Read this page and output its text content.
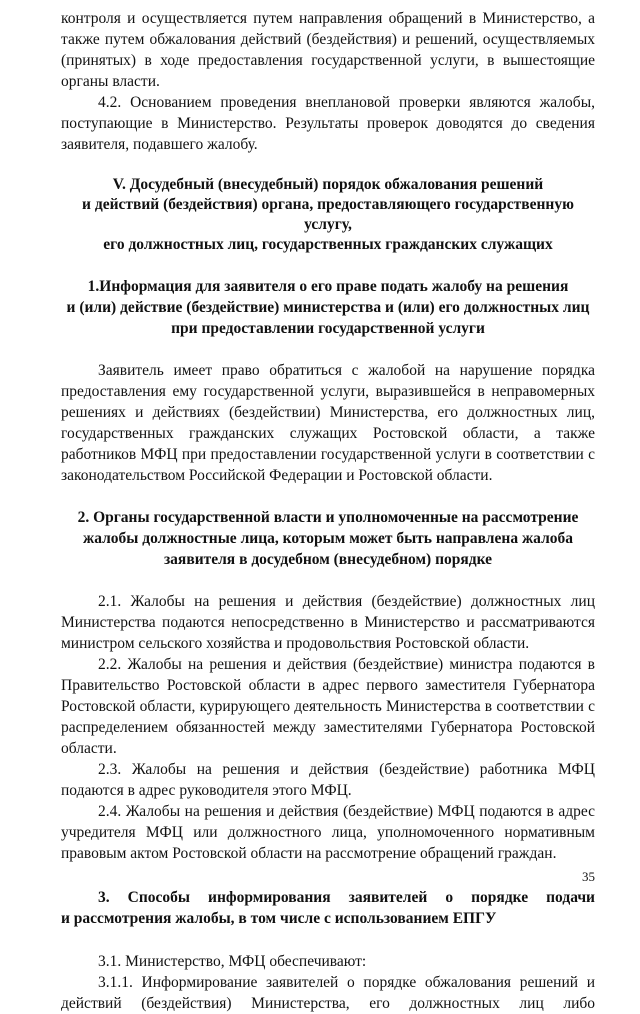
контроля и осуществляется путем направления обращений в Министерство, а также путем обжалования действий (бездействия) и решений, осуществляемых (принятых) в ходе предоставления государственной услуги, в вышестоящие органы власти.

4.2. Основанием проведения внеплановой проверки являются жалобы, поступающие в Министерство. Результаты проверок доводятся до сведения заявителя, подавшего жалобу.

V. Досудебный (внесудебный) порядок обжалования решений
и действий (бездействия) органа, предоставляющего государственную услугу,
его должностных лиц, государственных гражданских служащих

1.Информация для заявителя о его праве подать жалобу на решения
и (или) действие (бездействие) министерства и (или) его должностных лиц
при предоставлении государственной услуги

Заявитель имеет право обратиться с жалобой на нарушение порядка предоставления ему государственной услуги, выразившейся в неправомерных решениях и действиях (бездействии) Министерства, его должностных лиц, государственных гражданских служащих Ростовской области, а также работников МФЦ при предоставлении государственной услуги в соответствии с законодательством Российской Федерации и Ростовской области.

2. Органы государственной власти и уполномоченные на рассмотрение
жалобы должностные лица, которым может быть направлена жалоба
заявителя в досудебном (внесудебном) порядке

2.1. Жалобы на решения и действия (бездействие) должностных лиц Министерства подаются непосредственно в Министерство и рассматриваются министром сельского хозяйства и продовольствия Ростовской области.

2.2. Жалобы на решения и действия (бездействие) министра подаются в Правительство Ростовской области в адрес первого заместителя Губернатора Ростовской области, курирующего деятельность Министерства в соответствии с распределением обязанностей между заместителями Губернатора Ростовской области.

2.3. Жалобы на решения и действия (бездействие) работника МФЦ подаются в адрес руководителя этого МФЦ.

2.4. Жалобы на решения и действия (бездействие) МФЦ подаются в адрес учредителя МФЦ или должностного лица, уполномоченного нормативным правовым актом Ростовской области на рассмотрение обращений граждан.

3. Способы информирования заявителей о порядке подачи

и рассмотрения жалобы, в том числе с использованием ЕПГУ

3.1. Министерство, МФЦ обеспечивают:

3.1.1. Информирование заявителей о порядке обжалования решений и действий (бездействия) Министерства, его должностных лиц либо

35
